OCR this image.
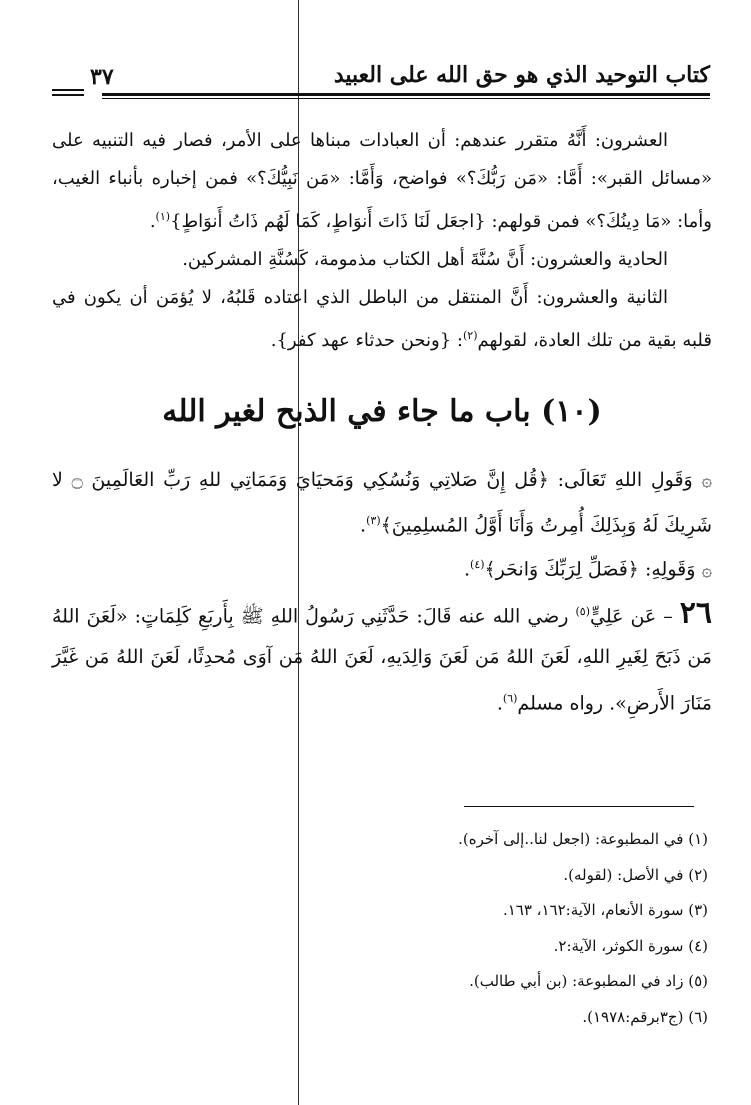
كتاب التوحيد الذي هو حق الله على العبيد
٣٧

العشرون: أَنَّهُ متقرر عندهم: أن العبادات مبناها على الأمر، فصار فيه التنبيه على «مسائل القبر»: أَمَّا: «مَن رَبُّكَ؟» فواضح، وَأَمَّا: «مَن نَبِيُّكَ؟» فمن إخباره بأنباء الغيب، وأما: «مَا دِينُكَ؟» فمن قولهم: {اجعَل لَنَا ذَاتَ أَنوَاطٍ، كَمَا لَهُم ذَاتُ أَنوَاطٍ}$^{(١)}$.

الحادية والعشرون: أَنَّ سُنَّةَ أهل الكتاب مذمومة، كَسُنَّةِ المشركين.

الثانية والعشرون: أَنَّ المنتقل من الباطل الذي اعتاده قَلبُهُ، لا يُؤمَن أن يكون في قلبه بقية من تلك العادة، لقولهم$^{(٢)}$: {ونحن حدثاء عهد كفر}.

(١٠) باب ما جاء في الذبح لغير الله

۞ وَقَولِ اللهِ تَعَالَى: ﴿قُل إِنَّ صَلاتِي وَنُسُكِي وَمَحيَايَ وَمَمَاتِي للهِ رَبِّ العَالَمِينَ ۝ لا شَرِيكَ لَهُ وَبِذَلِكَ أُمِرتُ وَأَنَا أَوَّلُ المُسلِمِينَ﴾$^{(٣)}$.

۞ وَقَولِهِ: ﴿فَصَلِّ لِرَبِّكَ وَانحَر﴾$^{(٤)}$.

٢٦ – عَن عَلِيٍّ$^{(٥)}$ رضي الله عنه قَالَ: حَدَّثَنِي رَسُولُ اللهِ ﷺ بِأَربَعِ كَلِمَاتٍ: «لَعَنَ اللهُ مَن ذَبَحَ لِغَيرِ اللهِ، لَعَنَ اللهُ مَن لَعَنَ وَالِدَيهِ، لَعَنَ اللهُ مَن آوَى مُحدِثًا، لَعَنَ اللهُ مَن غَيَّرَ مَنَارَ الأَرضِ». رواه مسلم$^{(٦)}$.

(١) في المطبوعة: (اجعل لنا..إلى آخره).

(٢) في الأصل: (لقوله).

(٣) سورة الأنعام، الآية:١٦٢، ١٦٣.

(٤) سورة الكوثر، الآية:٢.

(٥) زاد في المطبوعة: (بن أبي طالب).

(٦) (ج٣برقم:١٩٧٨).
